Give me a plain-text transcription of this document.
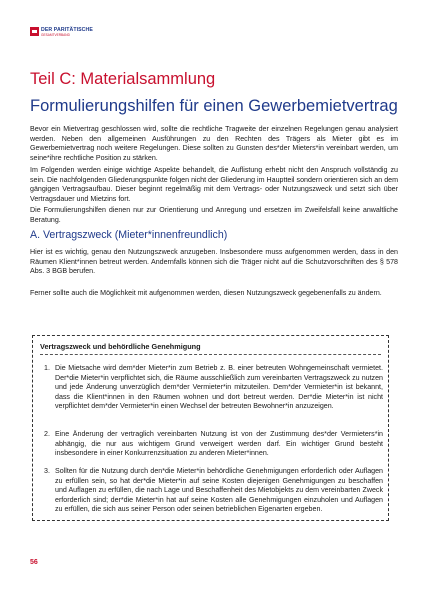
DER PARITÄTISCHE
GESAMTVERBAND
Teil C: Materialsammlung
Formulierungshilfen für einen Gewerbemietvertrag

Bevor ein Mietvertrag geschlossen wird, sollte die rechtliche Tragweite der einzelnen Regelungen genau analysiert werden. Neben den allgemeinen Ausführungen zu den Rechten des Trägers als Mieter gibt es im Gewerbemietvertrag noch weitere Regelungen. Diese sollten zu Gunsten des*der Mieters*in vereinbart werden, um seine*ihre rechtliche Position zu stärken.

Im Folgenden werden einige wichtige Aspekte behandelt, die Auflistung erhebt nicht den Anspruch vollständig zu sein. Die nachfolgenden Gliederungspunkte folgen nicht der Gliederung im Hauptteil sondern orientieren sich an dem gängigen Vertragsaufbau. Dieser beginnt regelmäßig mit dem Vertrags- oder Nutzungszweck und setzt sich über Vertragsdauer und Mietzins fort.

Die Formulierungshilfen dienen nur zur Orientierung und Anregung und ersetzen im Zweifelsfall keine anwaltliche Beratung.

A. Vertragszweck (Mieter*innenfreundlich)

Hier ist es wichtig, genau den Nutzungszweck anzugeben. Insbesondere muss aufgenommen werden, dass in den Räumen Klient*innen betreut werden. Andernfalls können sich die Träger nicht auf die Schutzvorschriften des § 578 Abs. 3 BGB berufen.

Ferner sollte auch die Möglichkeit mit aufgenommen werden, diesen Nutzungszweck gegebenenfalls zu ändern.

Vertragszweck und behördliche Genehmigung
1. Die Mietsache wird dem*der Mieter*in zum Betrieb z. B. einer betreuten Wohngemeinschaft vermietet. Der*die Mieter*in verpflichtet sich, die Räume ausschließlich zum vereinbarten Vertragszweck zu nutzen und jede Änderung unverzüglich dem*der Vermieter*in mitzuteilen. Dem*der Vermieter*in ist bekannt, dass die Klient*innen in den Räumen wohnen und dort betreut werden. Der*die Mieter*in ist nicht verpflichtet dem*der Vermieter*in einen Wechsel der betreuten Bewohner*in anzuzeigen.
2. Eine Änderung der vertraglich vereinbarten Nutzung ist von der Zustimmung des*der Vermieters*in abhängig, die nur aus wichtigem Grund verweigert werden darf. Ein wichtiger Grund besteht insbesondere in einer Konkurrenzsituation zu anderen Mieter*innen.
3. Sollten für die Nutzung durch den*die Mieter*in behördliche Genehmigungen erforderlich oder Auflagen zu erfüllen sein, so hat der*die Mieter*in auf seine Kosten diejenigen Genehmigungen zu beschaffen und Auflagen zu erfüllen, die nach Lage und Beschaffenheit des Mietobjekts zu dem vereinbarten Zweck erforderlich sind; der*die Mieter*in hat auf seine Kosten alle Genehmigungen einzuholen und Auflagen zu erfüllen, die sich aus seiner Person oder seinen betrieblichen Eigenarten ergeben.
56
